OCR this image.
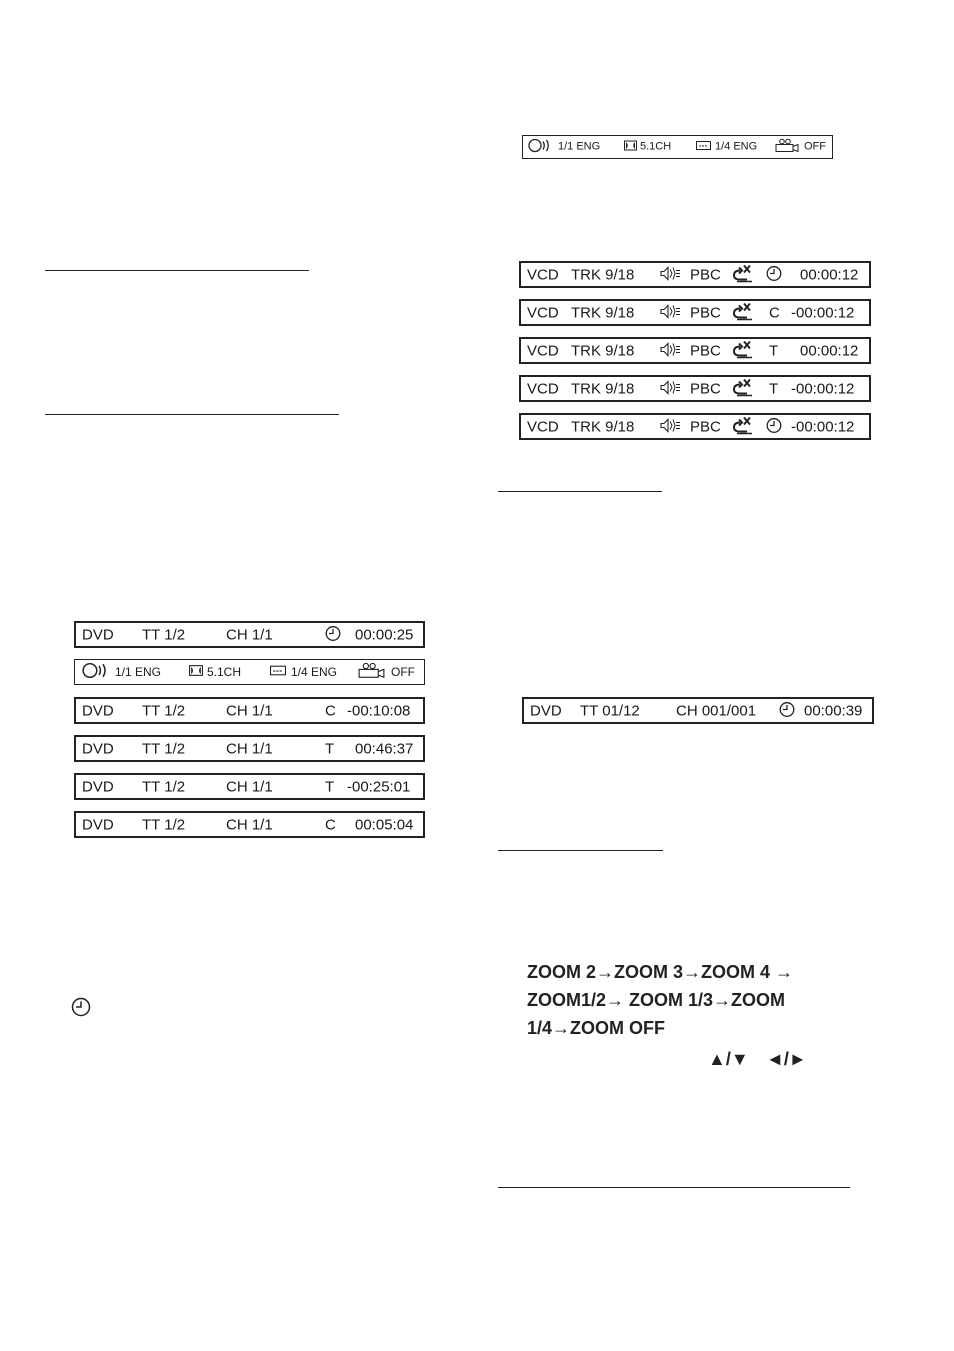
1/1 ENG	5.1CH	1/4 ENG	OFF
VCD TRK 9/18	PBC	00:00:12
VCD TRK 9/18	PBC	C -00:00:12
VCD TRK 9/18	PBC	T 00:00:12
VCD TRK 9/18	PBC	T -00:00:12
VCD TRK 9/18	PBC	-00:00:12
DVD TT 01/12 CH 001/001	00:00:39
ZOOM 2→ZOOM 3→ZOOM 4 →
ZOOM1/2→ ZOOM 1/3→ZOOM
1/4→ZOOM OFF
▲/▼ ◄/►
DVD TT 1/2	CH 1/1	00:00:25
1/1 ENG	5.1CH	1/4 ENG	OFF
DVD TT 1/2	CH 1/1	C -00:10:08
DVD TT 1/2	CH 1/1	T 00:46:37
DVD TT 1/2	CH 1/1	T -00:25:01
DVD TT 1/2	CH 1/1	C 00:05:04
